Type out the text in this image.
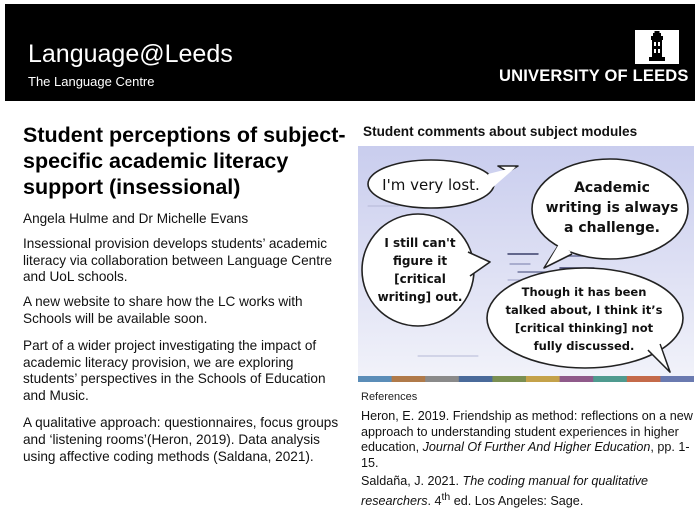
Language@Leeds
The Language Centre	UNIVERSITY OF LEEDS
Student perceptions of subject-specific academic literacy support (insessional)

Angela Hulme and Dr Michelle Evans

Insessional provision develops students’ academic literacy via collaboration between Language Centre and UoL schools.

A new website to share how the LC works with Schools will be available soon.

Part of a wider project investigating the impact of academic literacy provision, we are exploring students’ perspectives in the Schools of Education and Music.

A qualitative approach: questionnaires, focus groups and ‘listening rooms’(Heron, 2019). Data analysis using affective coding methods (Saldana, 2021).

Student comments about subject modules
I'm very lost.	Academic
writing is always
a challenge.
I still can't
figure it
[critical
writing] out.	Though it has been
talked about, I think it’s
[critical thinking] not
fully discussed.
References

Heron, E. 2019. Friendship as method: reflections on a new approach to understanding student experiences in higher education, Journal Of Further And Higher Education, pp. 1-15.

Saldaña, J. 2021. The coding manual for qualitative researchers. 4th ed. Los Angeles: Sage.
